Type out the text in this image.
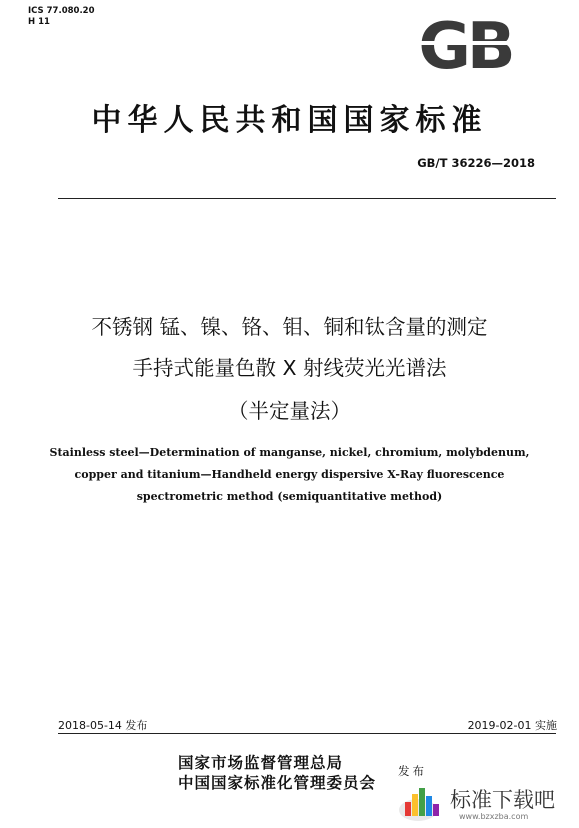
ICS 77.080.20
H 11	GB
中华人民共和国国家标准
GB/T 36226—2018
不锈钢 锰、镍、铬、钼、铜和钛含量的测定
手持式能量色散 X 射线荧光光谱法
（半定量法）
Stainless steel—Determination of manganse, nickel, chromium, molybdenum,
copper and titanium—Handheld energy dispersive X-Ray fluorescence
spectrometric method (semiquantitative method)
2018-05-14 发布	2019-02-01 实施
国家市场监督管理总局
中国国家标准化管理委员会
发布
标准下载吧
www.bzxzba.com
